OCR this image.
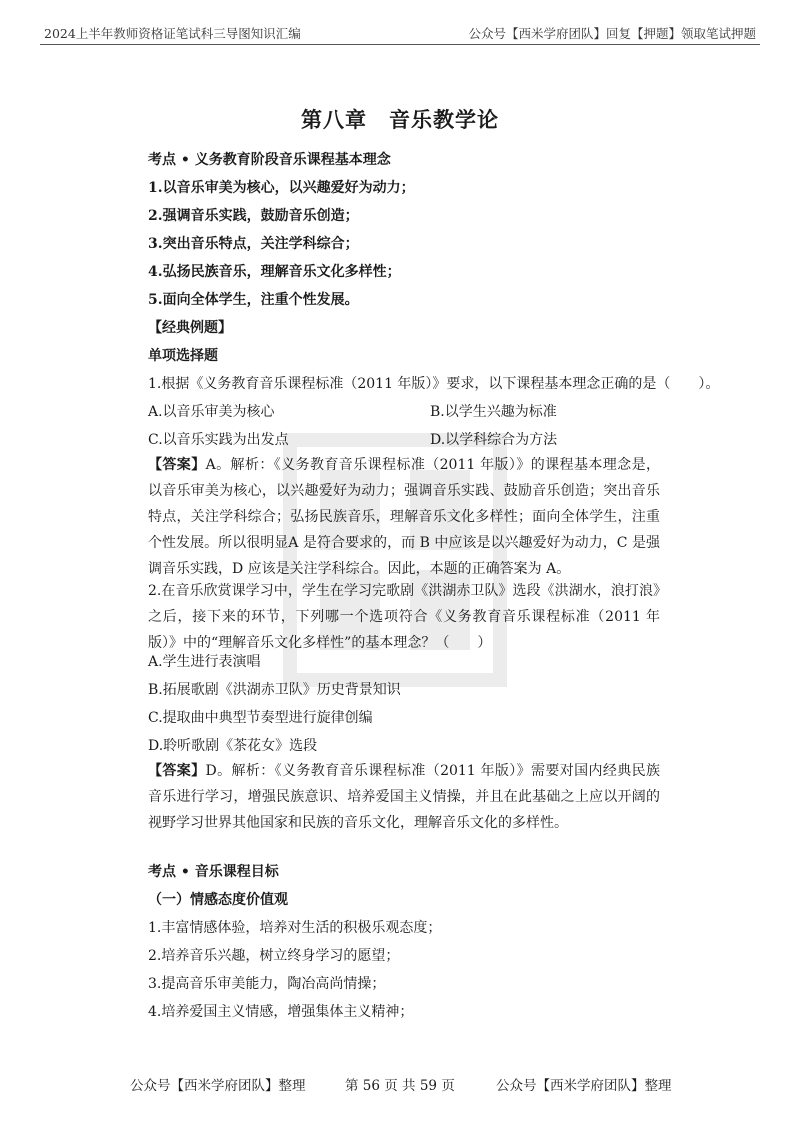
2024上半年教师资格证笔试科三导图知识汇编	公众号【西米学府团队】回复【押题】领取笔试押题
第八章　音乐教学论
考点 • 义务教育阶段音乐课程基本理念
1.以音乐审美为核心，以兴趣爱好为动力；
2.强调音乐实践，鼓励音乐创造；
3.突出音乐特点，关注学科综合；
4.弘扬民族音乐，理解音乐文化多样性；
5.面向全体学生，注重个性发展。
【经典例题】
单项选择题
1.根据《义务教育音乐课程标准（2011 年版）》要求，以下课程基本理念正确的是（　　）。
A.以音乐审美为核心	B.以学生兴趣为标准
C.以音乐实践为出发点	D.以学科综合为方法
【答案】A。解析：《义务教育音乐课程标准（2011 年版）》的课程基本理念是，以音乐审美为核心，以兴趣爱好为动力；强调音乐实践、鼓励音乐创造；突出音乐特点，关注学科综合；弘扬民族音乐，理解音乐文化多样性；面向全体学生，注重个性发展。所以很明显A 是符合要求的，而 B 中应该是以兴趣爱好为动力，C 是强调音乐实践，D 应该是关注学科综合。因此，本题的正确答案为 A。
2.在音乐欣赏课学习中，学生在学习完歌剧《洪湖赤卫队》选段《洪湖水，浪打浪》之后，接下来的环节，下列哪一个选项符合《义务教育音乐课程标准（2011 年版）》中的“理解音乐文化多样性”的基本理念？（　　）
A.学生进行表演唱
B.拓展歌剧《洪湖赤卫队》历史背景知识
C.提取曲中典型节奏型进行旋律创编
D.聆听歌剧《茶花女》选段
【答案】D。解析：《义务教育音乐课程标准（2011 年版）》需要对国内经典民族音乐进行学习，增强民族意识、培养爱国主义情操，并且在此基础之上应以开阔的视野学习世界其他国家和民族的音乐文化，理解音乐文化的多样性。
考点 • 音乐课程目标
（一）情感态度价值观
1.丰富情感体验，培养对生活的积极乐观态度；
2.培养音乐兴趣，树立终身学习的愿望；
3.提高音乐审美能力，陶冶高尚情操；
4.培养爱国主义情感，增强集体主义精神；
公众号【西米学府团队】整理	第 56 页 共 59 页	公众号【西米学府团队】整理
